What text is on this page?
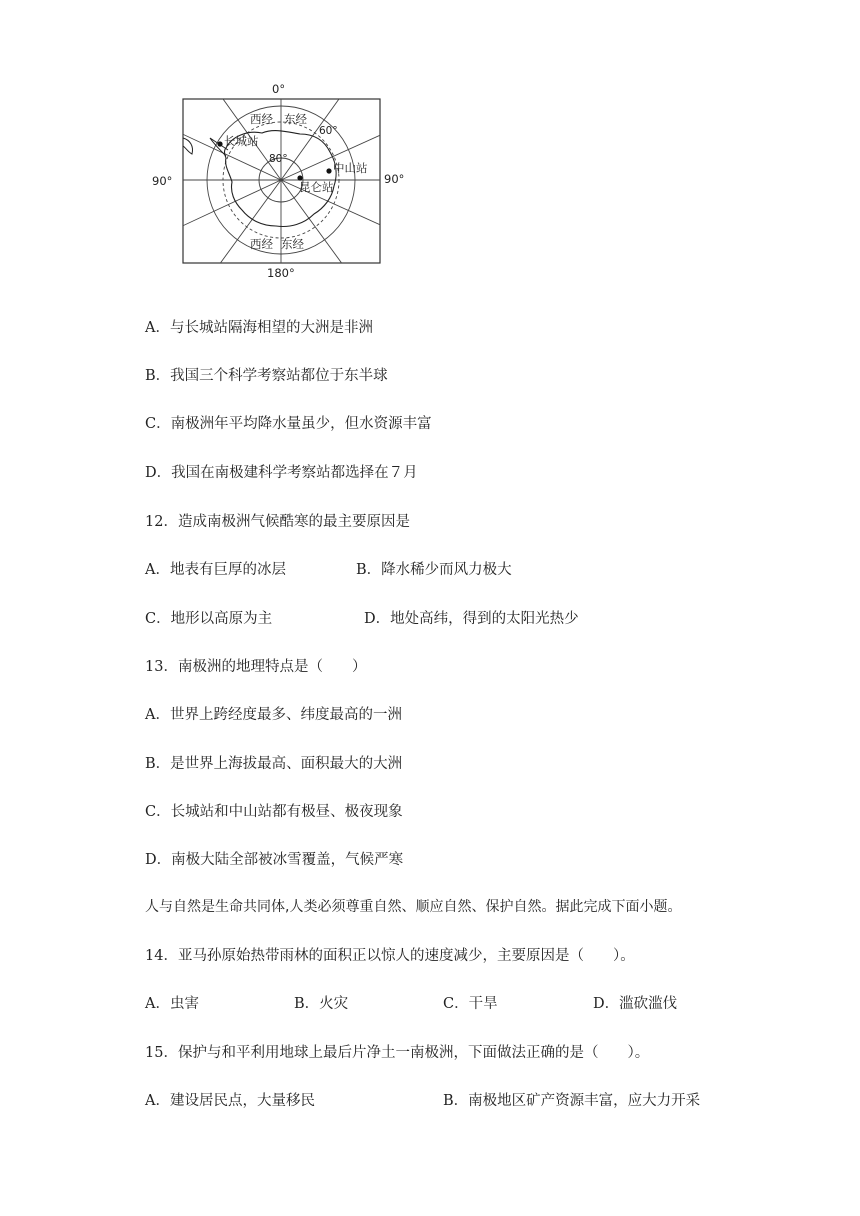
0°
180°
90°	90°
西经 东经
西经 东经
60°
80°
长城站
中山站
昆仑站
A．与长城站隔海相望的大洲是非洲
B．我国三个科学考察站都位于东半球
C．南极洲年平均降水量虽少，但水资源丰富
D．我国在南极建科学考察站都选择在７月
12．造成南极洲气候酷寒的最主要原因是
A．地表有巨厚的冰层	B．降水稀少而风力极大
C．地形以高原为主	D．地处高纬，得到的太阳光热少
13．南极洲的地理特点是（　　）
A．世界上跨经度最多、纬度最高的一洲
B．是世界上海拔最高、面积最大的大洲
C．长城站和中山站都有极昼、极夜现象
D．南极大陆全部被冰雪覆盖，气候严寒
人与自然是生命共同体,人类必须尊重自然、顺应自然、保护自然。据此完成下面小题。
14．亚马孙原始热带雨林的面积正以惊人的速度减少，主要原因是（　　）。
A．虫害	B．火灾	C．干旱	D．滥砍滥伐
15．保护与和平利用地球上最后片净土一南极洲，下面做法正确的是（　　）。
A．建设居民点，大量移民	B．南极地区矿产资源丰富，应大力开采
